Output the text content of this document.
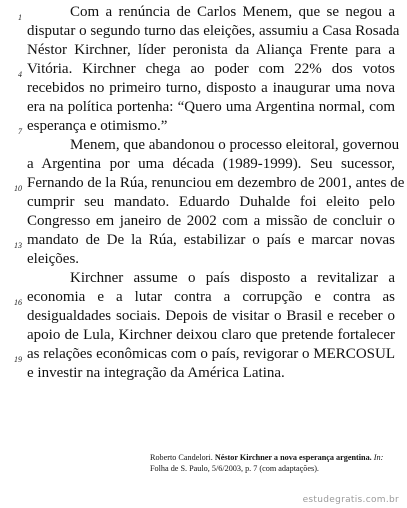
1
4
7
10
13
16
19
Com a renúncia de Carlos Menem, que se negou a
disputar o segundo turno das eleições, assumiu a Casa Rosada
Néstor Kirchner, líder peronista da Aliança Frente para a
Vitória. Kirchner chega ao poder com 22% dos votos
recebidos no primeiro turno, disposto a inaugurar uma nova
era na política portenha: “Quero uma Argentina normal, com
esperança e otimismo.”
Menem, que abandonou o processo eleitoral, governou
a Argentina por uma década (1989-1999). Seu sucessor,
Fernando de la Rúa, renunciou em dezembro de 2001, antes de
cumprir seu mandato. Eduardo Duhalde foi eleito pelo
Congresso em janeiro de 2002 com a missão de concluir o
mandato de De la Rúa, estabilizar o país e marcar novas
eleições.
Kirchner assume o país disposto a revitalizar a
economia e a lutar contra a corrupção e contra as
desigualdades sociais. Depois de visitar o Brasil e receber o
apoio de Lula, Kirchner deixou claro que pretende fortalecer
as relações econômicas com o país, revigorar o MERCOSUL
e investir na integração da América Latina.
Roberto Candelori. Néstor Kirchner a nova esperança argentina. In: Folha de S. Paulo, 5/6/2003, p. 7 (com adaptações).
estudegratis.com.br
